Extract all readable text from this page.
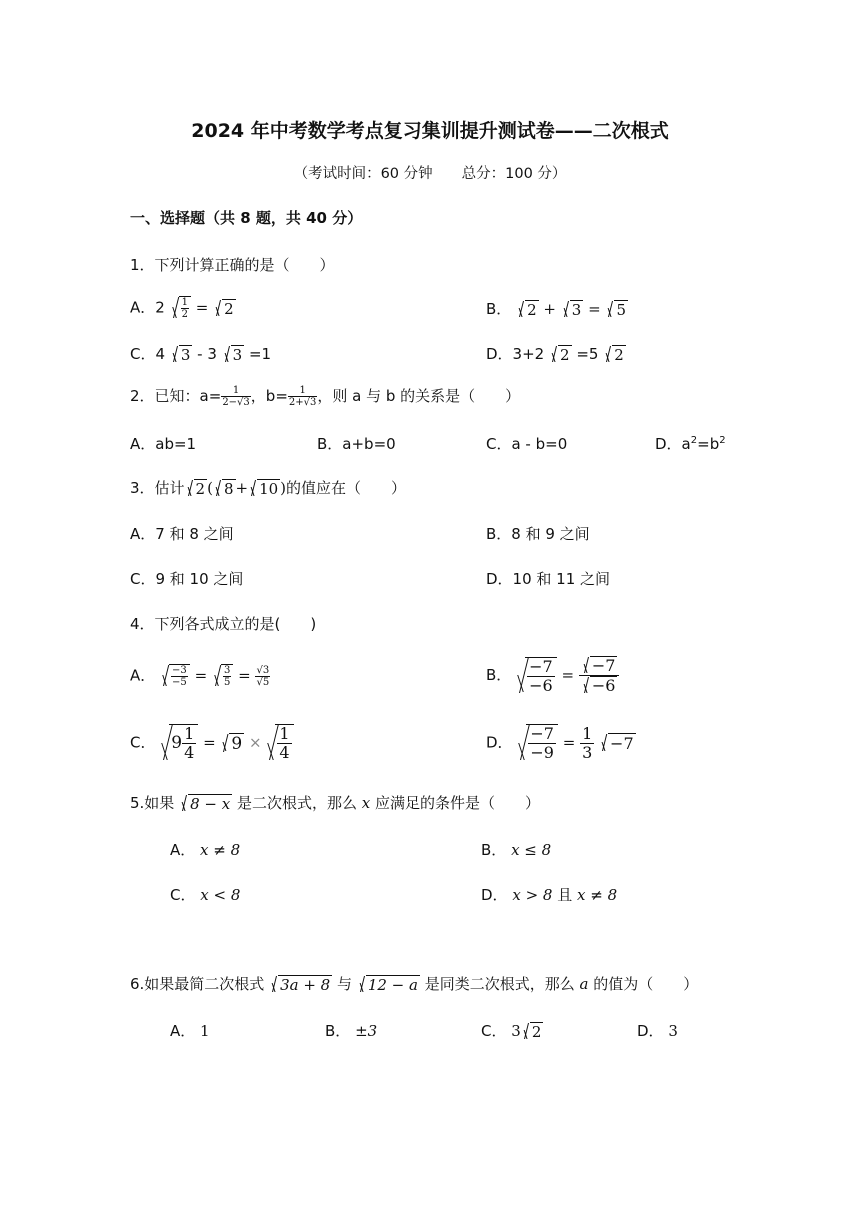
2024 年中考数学考点复习集训提升测试卷——二次根式
（考试时间：60 分钟　　总分：100 分）
一、选择题（共 8 题，共 40 分）
1．下列计算正确的是（　　）
A．$2 \frac{1}{2} = 2$	B． 2 + 3 = 5
C．4 3 - 3 3 =1	D．3+2 2 =5 2
2．已知：$a= \frac{1}{2-√3}$ ，$b= \frac{1}{2+√3}$ ，则 a 与 b 的关系是（　　）
A．ab=1	B．a+b=0	C．a - b=0	D．$a^2=b^2$
3．估计 2 ( 8 + 10 )的值应在（　　）
A．7 和 8 之间	B．8 和 9 之间
C．9 和 10 之间	D．10 和 11 之间
4．下列各式成立的是(　　)
A． $\frac{-3}{-5} = \frac{3}{5} = \frac{√3}{√5}$	B． $\frac{-7}{-6} = \frac{-7}{-6}$
C． $9 \frac{1}{4} = 9 \times \frac{1}{4}$	D． $\frac{-7}{-9} = \frac{1}{3}$
−7
5.如果 8 − x 是二次根式，那么 x 应满足的条件是（　　）
A． x ≠ 8	B． x ≤ 8
C． x < 8	D． x > 8 且 x ≠ 8
6.如果最简二次根式 3a + 8 与 12 − a 是同类二次根式，那么 a 的值为（　　）
A． 1	B． ±3	C． 3 2	D． 3
